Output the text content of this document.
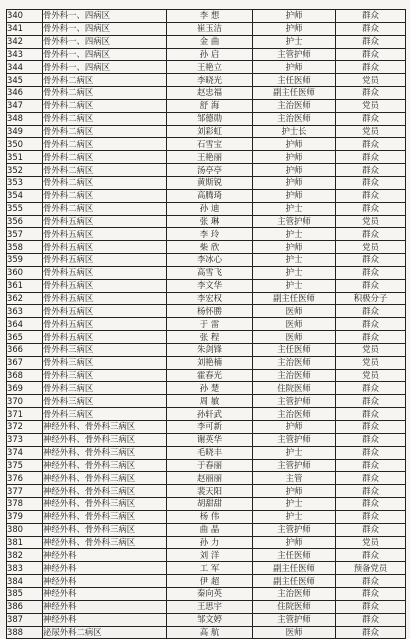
340	骨外科一、四病区	李 想	护师	群众
341	骨外科一、四病区	崔玉洁	护师	群众
342	骨外科一、四病区	金 曲	护士	群众
343	骨外科一、四病区	孙 启	主管护师	群众
344	骨外科一、四病区	王艳立	护师	群众
345	骨外科二病区	李晓光	主任医师	党员
346	骨外科二病区	赵忠福	副主任医师	群众
347	骨外科二病区	舒 海	主治医师	党员
348	骨外科二病区	邹德勋	主治医师	群众
349	骨外科二病区	刘彩虹	护士长	党员
350	骨外科二病区	石雪宝	护师	群众
351	骨外科二病区	王艳丽	护师	群众
352	骨外科二病区	汤亭亭	护师	群众
353	骨外科二病区	黄斯锐	护师	群众
354	骨外科二病区	高腾琦	护师	群众
355	骨外科二病区	孙 迪	护士	群众
356	骨外科五病区	张 琳	主管护师	党员
357	骨外科五病区	李 玲	护士	群众
358	骨外科五病区	柴 欣	护师	党员
359	骨外科五病区	李冰心	护士	群众
360	骨外科五病区	高雪飞	护士	群众
361	骨外科五病区	李文华	护士	群众
362	骨外科五病区	李宏权	副主任医师	积极分子
363	骨外科五病区	杨怀勝	医师	群众
364	骨外科五病区	于 雷	医师	群众
365	骨外科五病区	张 程	医师	群众
366	骨外科三病区	朱剑锋	主任医师	党员
367	骨外科三病区	刘艳楠	主治医师	党员
368	骨外科三病区	霍春光	主治医师	党员
369	骨外科三病区	孙 楚	住院医师	群众
370	骨外科三病区	周 敏	主管护师	群众
371	骨外科三病区	孙轩武	主治医师	群众
372	神经外科、骨外科三病区	李可新	护师	群众
373	神经外科、骨外科三病区	谢英华	主管护师	群众
374	神经外科、骨外科三病区	毛晓丰	护士	群众
375	神经外科、骨外科三病区	于春丽	主管护师	群众
376	神经外科、骨外科三病区	赵丽丽	主管	群众
377	神经外科、骨外科三病区	裴天阳	护师	群众
378	神经外科、骨外科三病区	胡甜甜	护士	群众
379	神经外科、骨外科三病区	杨 伟	护士	群众
380	神经外科、骨外科三病区	曲 晶	主管护师	群众
381	神经外科、骨外科三病区	孙 力	护师	党员
382	神经外科	刘 洋	主任医师	群众
383	神经外科	工 军	副主任医师	预备党员
384	神经外科	伊 超	副主任医师	群众
385	神经外科	秦向英	主治医师	群众
386	神经外科	王思宇	住院医师	群众
387	神经外科	邹文婷	主管护师	群众
388	泌尿外科二病区	高 航	医师	群众
